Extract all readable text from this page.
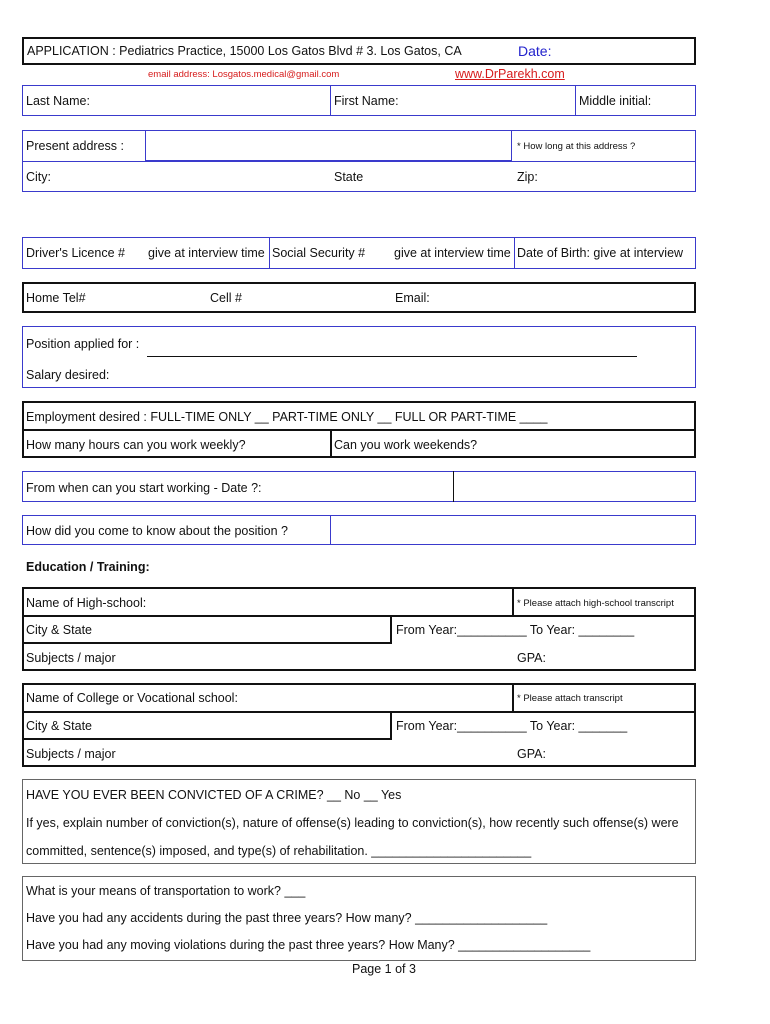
APPLICATION : Pediatrics Practice, 15000 Los Gatos Blvd # 3. Los Gatos, CA	Date:
email address: Losgatos.medical@gmail.com	www.DrParekh.com
Last Name:	First Name:	Middle initial:
Present address :	* How long at this address ?
City:	State	Zip:
Driver's Licence # give at interview time Social Security # give at interview time Date of Birth: give at interview
Home Tel#	Cell #	Email:
Position applied for :
Salary desired:
Employment desired : FULL-TIME ONLY __ PART-TIME ONLY __ FULL OR PART-TIME ____
How many hours can you work weekly?	Can you work weekends?
From when can you start working - Date ?:
How did you come to know about the position ?
Education / Training:
Name of High-school:	* Please attach high-school transcript
City & State	From Year:__________ To Year: ________
Subjects / major	GPA:
Name of College or Vocational school:	* Please attach transcript
City & State	From Year:__________ To Year: _______
Subjects / major	GPA:
HAVE YOU EVER BEEN CONVICTED OF A CRIME? __ No __ Yes
If yes, explain number of conviction(s), nature of offense(s) leading to conviction(s), how recently such offense(s) were
committed, sentence(s) imposed, and type(s) of rehabilitation. _______________________
What is your means of transportation to work? ___
Have you had any accidents during the past three years? How many? ___________________
Have you had any moving violations during the past three years? How Many? ___________________
Page 1 of 3
